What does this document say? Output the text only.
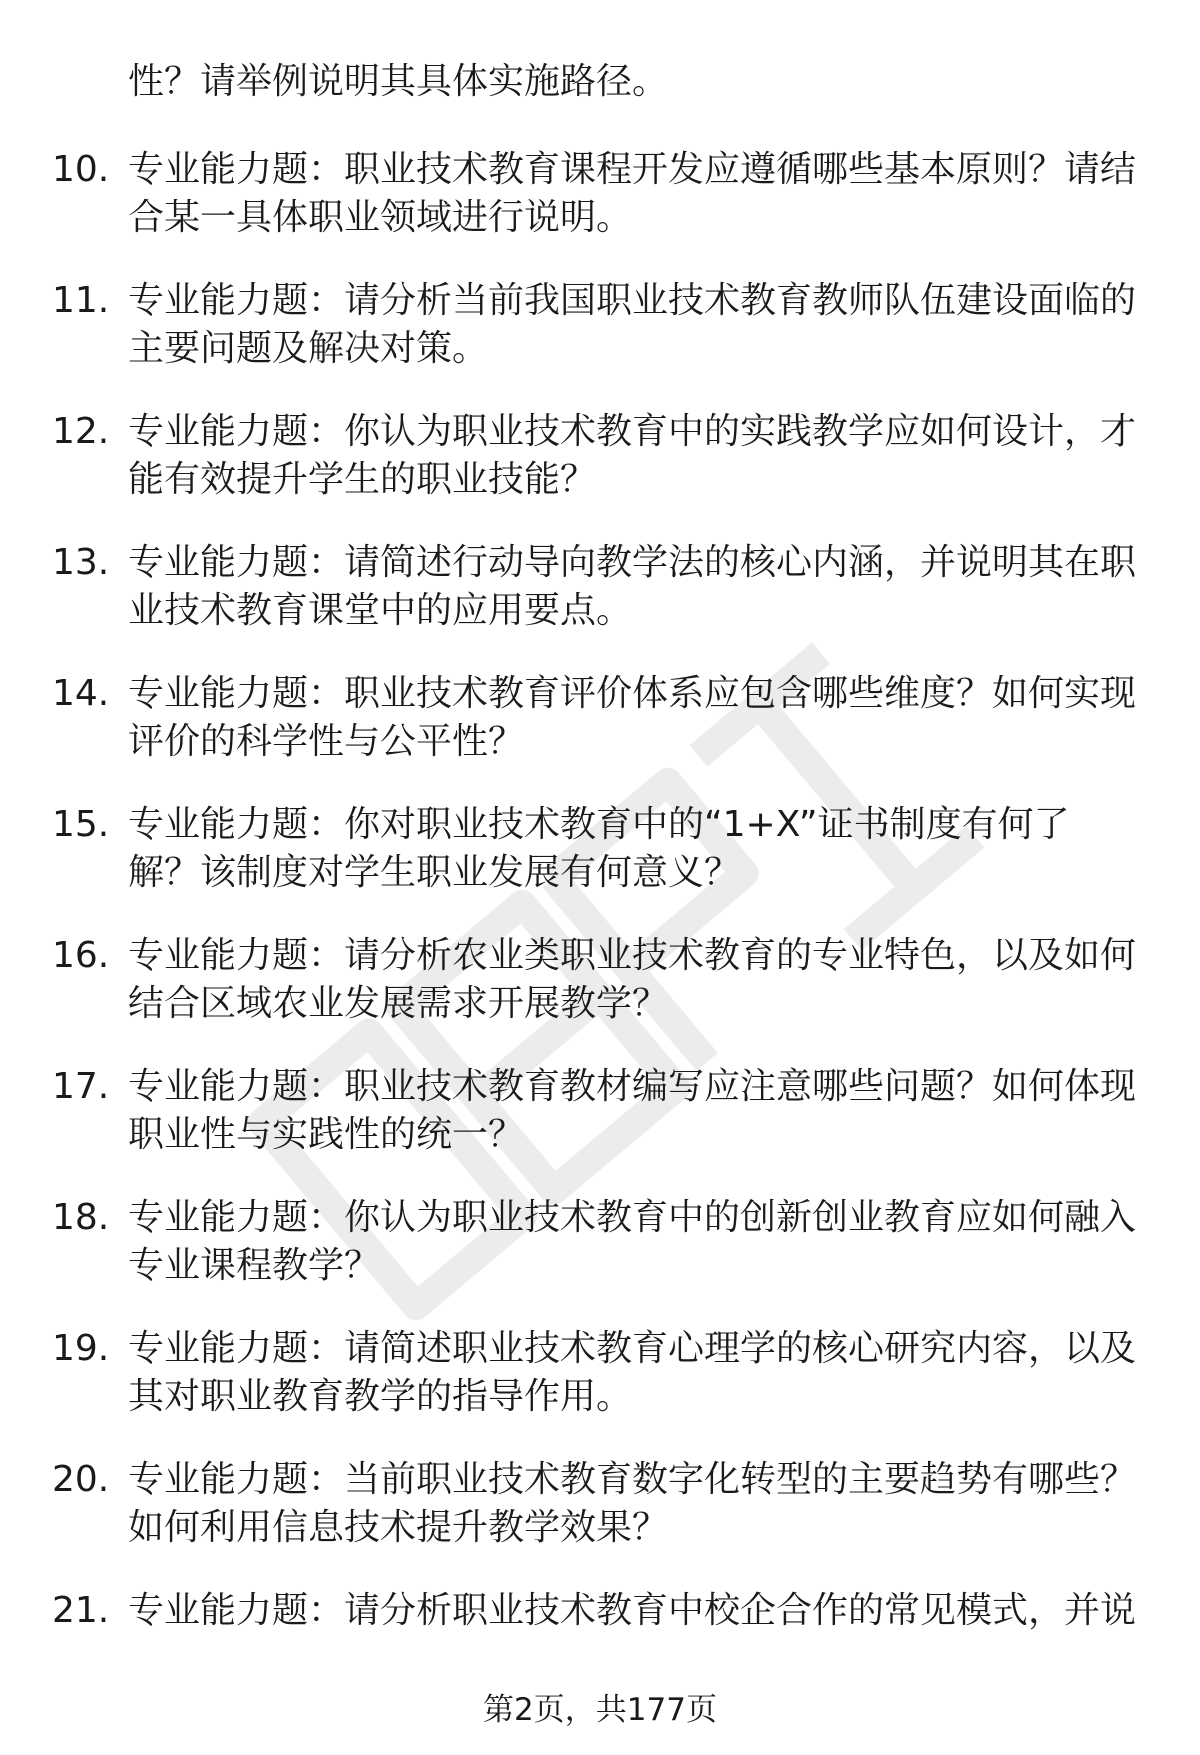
性？请举例说明其具体实施路径。
10. 专业能力题：职业技术教育课程开发应遵循哪些基本原则？请结
合某一具体职业领域进行说明。
11. 专业能力题：请分析当前我国职业技术教育教师队伍建设面临的
主要问题及解决对策。
12. 专业能力题：你认为职业技术教育中的实践教学应如何设计，才
能有效提升学生的职业技能？
13. 专业能力题：请简述行动导向教学法的核心内涵，并说明其在职
业技术教育课堂中的应用要点。
14. 专业能力题：职业技术教育评价体系应包含哪些维度？如何实现
评价的科学性与公平性？
15. 专业能力题：你对职业技术教育中的“1+X”证书制度有何了
解？该制度对学生职业发展有何意义？
16. 专业能力题：请分析农业类职业技术教育的专业特色，以及如何
结合区域农业发展需求开展教学？
17. 专业能力题：职业技术教育教材编写应注意哪些问题？如何体现
职业性与实践性的统一？
18. 专业能力题：你认为职业技术教育中的创新创业教育应如何融入
专业课程教学？
19. 专业能力题：请简述职业技术教育心理学的核心研究内容，以及
其对职业教育教学的指导作用。
20. 专业能力题：当前职业技术教育数字化转型的主要趋势有哪些？
如何利用信息技术提升教学效果？
21. 专业能力题：请分析职业技术教育中校企合作的常见模式，并说
第2页，共177页
